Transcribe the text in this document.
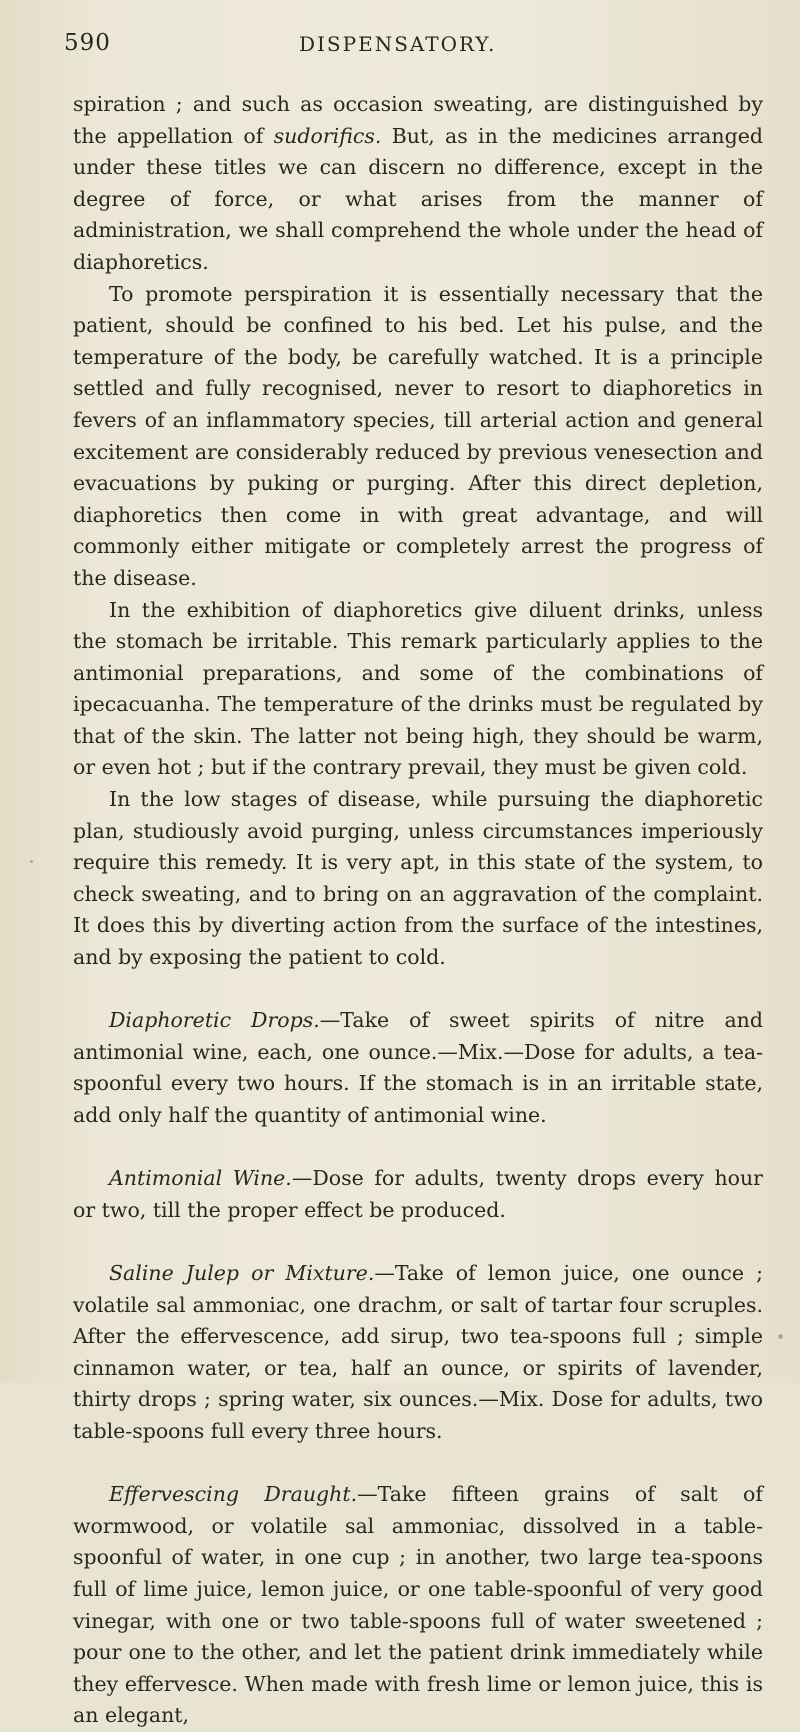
590	DISPENSATORY.

spiration ; and such as occasion sweating, are distinguished by the appellation of sudorifics. But, as in the medicines arranged under these titles we can discern no difference, except in the degree of force, or what arises from the manner of administration, we shall comprehend the whole under the head of diaphoretics.

To promote perspiration it is essentially necessary that the patient, should be confined to his bed. Let his pulse, and the temperature of the body, be carefully watched. It is a principle settled and fully recognised, never to resort to diaphoretics in fevers of an inflammatory species, till arterial action and general excitement are considerably reduced by previous venesection and evacuations by puking or purging. After this direct depletion, diaphoretics then come in with great advantage, and will commonly either mitigate or completely arrest the progress of the disease.

In the exhibition of diaphoretics give diluent drinks, unless the stomach be irritable. This remark particularly applies to the antimonial preparations, and some of the combinations of ipecacuanha. The temperature of the drinks must be regulated by that of the skin. The latter not being high, they should be warm, or even hot ; but if the contrary prevail, they must be given cold.

In the low stages of disease, while pursuing the diaphoretic plan, studiously avoid purging, unless circumstances imperiously require this remedy. It is very apt, in this state of the system, to check sweating, and to bring on an aggravation of the complaint. It does this by diverting action from the surface of the intestines, and by exposing the patient to cold.

Diaphoretic Drops.—Take of sweet spirits of nitre and antimonial wine, each, one ounce.—Mix.—Dose for adults, a tea-spoonful every two hours. If the stomach is in an irritable state, add only half the quantity of antimonial wine.

Antimonial Wine.—Dose for adults, twenty drops every hour or two, till the proper effect be produced.

Saline Julep or Mixture.—Take of lemon juice, one ounce ; volatile sal ammoniac, one drachm, or salt of tartar four scruples. After the effervescence, add sirup, two tea-spoons full ; simple cinnamon water, or tea, half an ounce, or spirits of lavender, thirty drops ; spring water, six ounces.—Mix. Dose for adults, two table-spoons full every three hours.

Effervescing Draught.—Take fifteen grains of salt of wormwood, or volatile sal ammoniac, dissolved in a table-spoonful of water, in one cup ; in another, two large tea-spoons full of lime juice, lemon juice, or one table-spoonful of very good vinegar, with one or two table-spoons full of water sweetened ; pour one to the other, and let the patient drink immediately while they effervesce. When made with fresh lime or lemon juice, this is an elegant,
